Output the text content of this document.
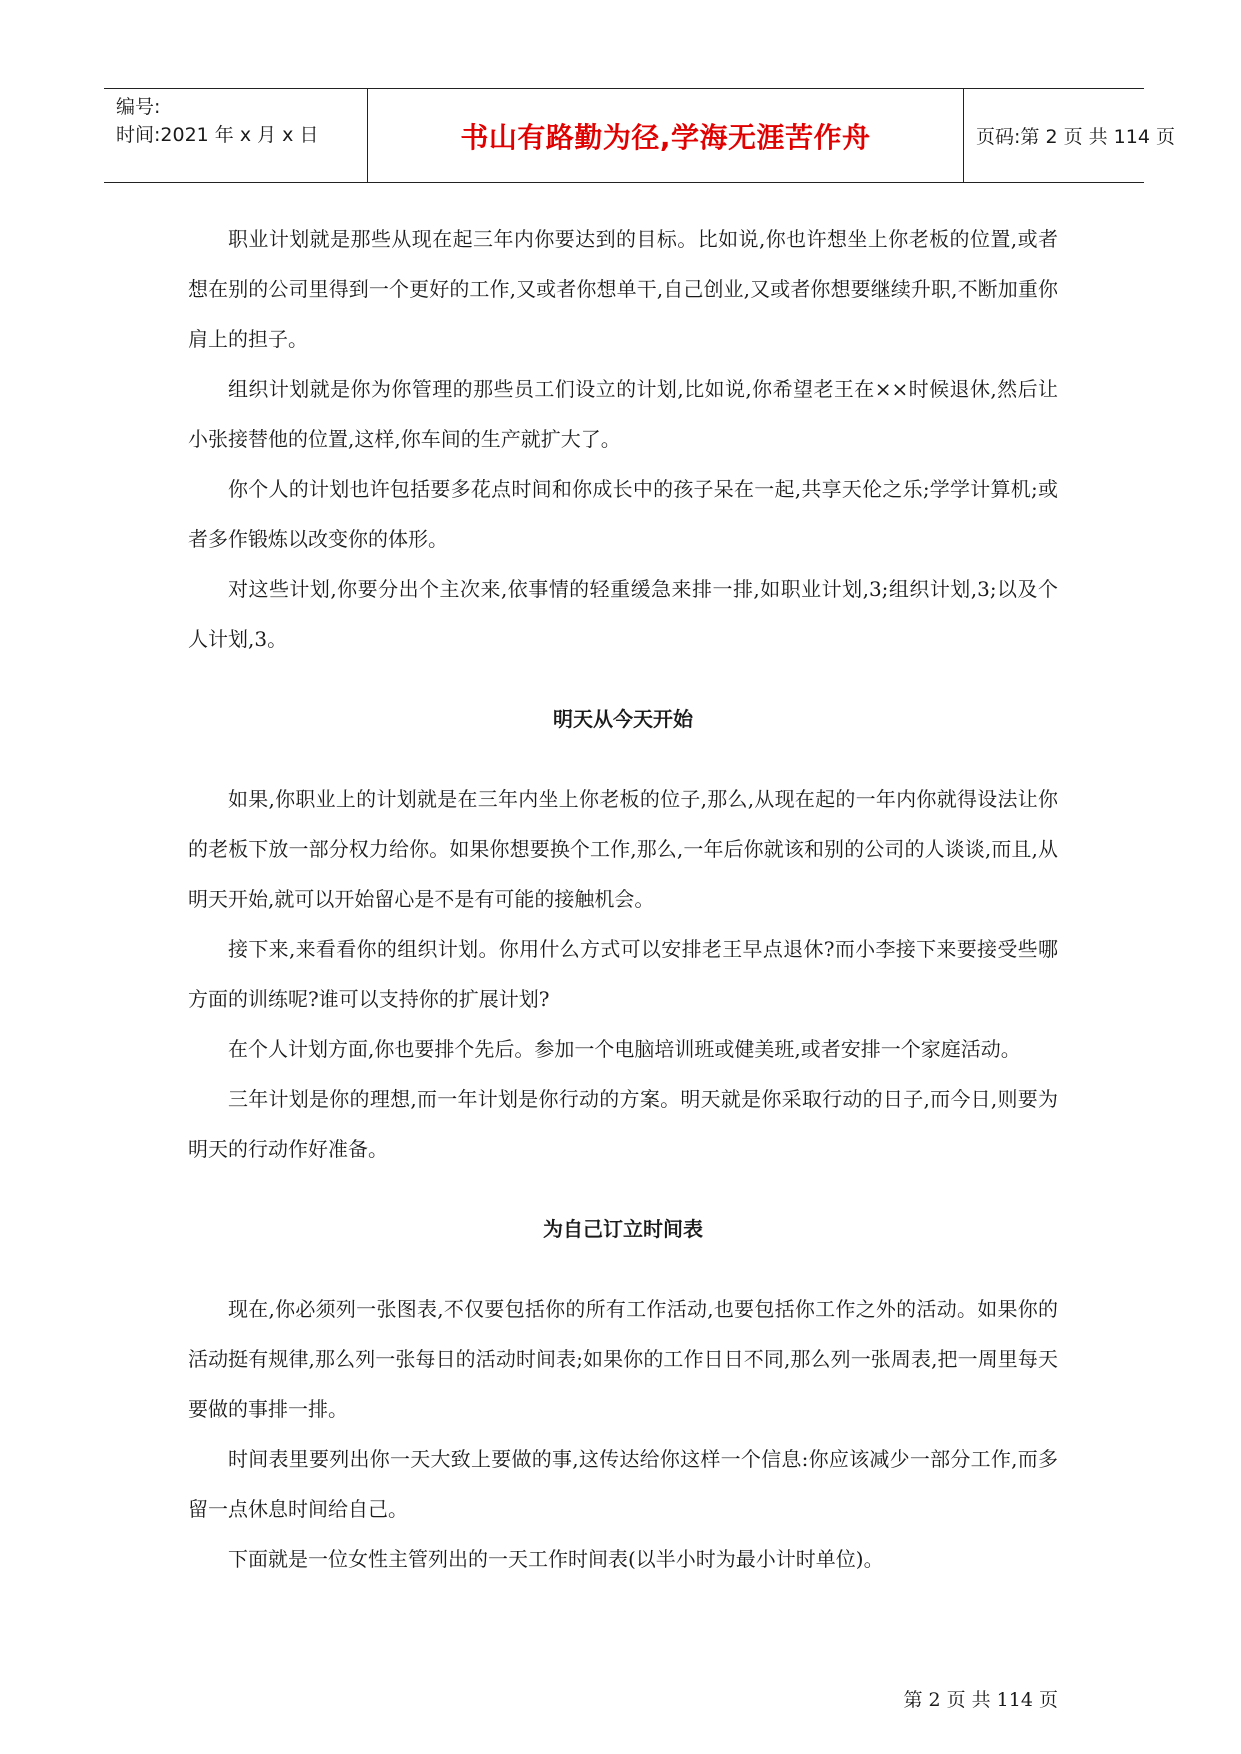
编号:
时间:2021 年 x 月 x 日	书山有路勤为径,学海无涯苦作舟	页码:第 2 页 共 114 页

职业计划就是那些从现在起三年内你要达到的目标。比如说,你也许想坐上你老板的位置,或者想在别的公司里得到一个更好的工作,又或者你想单干,自己创业,又或者你想要继续升职,不断加重你肩上的担子。

组织计划就是你为你管理的那些员工们设立的计划,比如说,你希望老王在××时候退休,然后让小张接替他的位置,这样,你车间的生产就扩大了。

你个人的计划也许包括要多花点时间和你成长中的孩子呆在一起,共享天伦之乐;学学计算机;或者多作锻炼以改变你的体形。

对这些计划,你要分出个主次来,依事情的轻重缓急来排一排,如职业计划,3;组织计划,3;以及个人计划,3。

明天从今天开始

如果,你职业上的计划就是在三年内坐上你老板的位子,那么,从现在起的一年内你就得设法让你的老板下放一部分权力给你。如果你想要换个工作,那么,一年后你就该和别的公司的人谈谈,而且,从明天开始,就可以开始留心是不是有可能的接触机会。

接下来,来看看你的组织计划。你用什么方式可以安排老王早点退休?而小李接下来要接受些哪方面的训练呢?谁可以支持你的扩展计划?

在个人计划方面,你也要排个先后。参加一个电脑培训班或健美班,或者安排一个家庭活动。

三年计划是你的理想,而一年计划是你行动的方案。明天就是你采取行动的日子,而今日,则要为明天的行动作好准备。

为自己订立时间表

现在,你必须列一张图表,不仅要包括你的所有工作活动,也要包括你工作之外的活动。如果你的活动挺有规律,那么列一张每日的活动时间表;如果你的工作日日不同,那么列一张周表,把一周里每天要做的事排一排。

时间表里要列出你一天大致上要做的事,这传达给你这样一个信息:你应该减少一部分工作,而多留一点休息时间给自己。

下面就是一位女性主管列出的一天工作时间表(以半小时为最小计时单位)。

第 2 页 共 114 页
